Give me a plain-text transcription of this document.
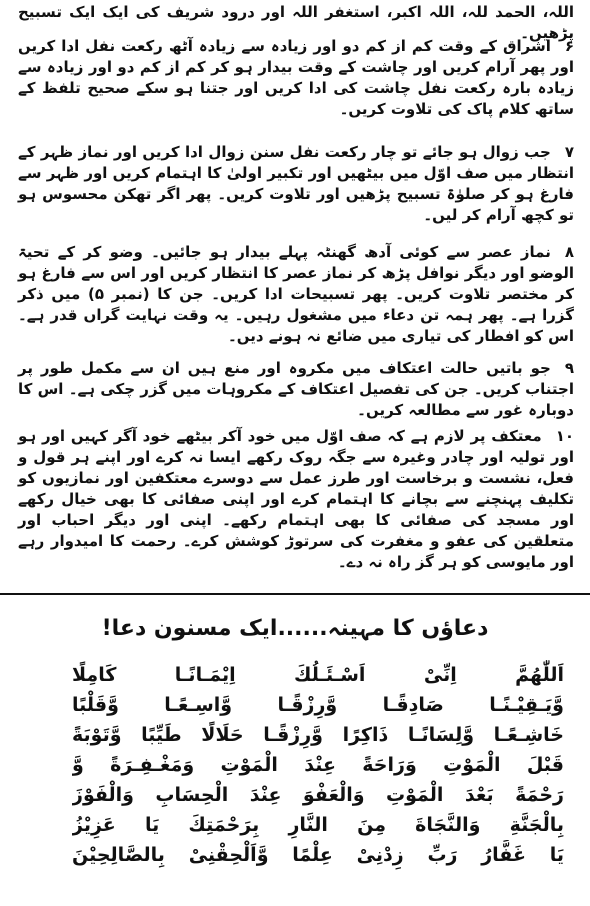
اللہ، الحمد للہ، اللہ اکبر، استغفر اللہ اور درود شریف کی ایک ایک تسبیح پڑھیں۔

۶اشراق کے وقت کم از کم دو اور زیادہ سے زیادہ آٹھ رکعت نفل ادا کریں اور پھر آرام کریں اور چاشت کے وقت بیدار ہو کر کم از کم دو اور زیادہ سے زیادہ بارہ رکعت نفل چاشت کی ادا کریں اور جتنا ہو سکے صحیح تلفظ کے ساتھ کلام پاک کی تلاوت کریں۔

۷جب زوال ہو جائے تو چار رکعت نفل سنن زوال ادا کریں اور نماز ظہر کے انتظار میں صف اوّل میں بیٹھیں اور تکبیر اولیٰ کا اہتمام کریں اور ظہر سے فارغ ہو کر صلوٰۃ تسبیح پڑھیں اور تلاوت کریں۔ پھر اگر تھکن محسوس ہو تو کچھ آرام کر لیں۔

۸نماز عصر سے کوئی آدھ گھنٹہ پہلے بیدار ہو جائیں۔ وضو کر کے تحیۃ الوضو اور دیگر نوافل پڑھ کر نماز عصر کا انتظار کریں اور اس سے فارغ ہو کر مختصر تلاوت کریں۔ پھر تسبیحات ادا کریں۔ جن کا (نمبر ۵) میں ذکر گزرا ہے۔ پھر ہمہ تن دعاء میں مشغول رہیں۔ یہ وقت نہایت گراں قدر ہے۔ اس کو افطار کی تیاری میں ضائع نہ ہونے دیں۔

۹جو باتیں حالت اعتکاف میں مکروہ اور منع ہیں ان سے مکمل طور پر اجتناب کریں۔ جن کی تفصیل اعتکاف کے مکروہات میں گزر چکی ہے۔ اس کا دوبارہ غور سے مطالعہ کریں۔

۱۰معتکف پر لازم ہے کہ صف اوّل میں خود آکر بیٹھے خود آگر کہیں اور ہو اور تولیہ اور چادر وغیرہ سے جگہ روک رکھے ایسا نہ کرے اور اپنے ہر قول و فعل، نشست و برخاست اور طرز عمل سے دوسرے معتکفین اور نمازیوں کو تکلیف پہنچنے سے بچانے کا اہتمام کرے اور اپنی صفائی کا بھی خیال رکھے اور مسجد کی صفائی کا بھی اہتمام رکھے۔ اپنی اور دیگر احباب اور متعلقین کی عفو و مغفرت کی سرتوڑ کوشش کرے۔ رحمت کا امیدوار رہے اور مایوسی کو ہر گز راہ نہ دے۔

دعاؤں کا مہینہ......ایک مسنون دعا!
اَللّٰهُمَّ اِنِّیْ اَسْـئَـلُكَ اِیْمَـانًـا كَامِلًا
وَّیَـقِیْـنًـا صَادِقًـا وَّرِزْقًـا وَّاسِـعًـا وَّقَلْبًا
خَاشِـعًـا وَّلِسَانًـا ذَاكِرًا وَّرِزْقًـا حَلَالًا طَیِّبًا وَّتَوْبَةً
قَبْلَ الْمَوْتِ وَرَاحَةً عِنْدَ الْمَوْتِ وَمَغْـفِـرَةً وَّ
رَحْمَةً بَعْدَ الْمَوْتِ وَالْعَفْوَ عِنْدَ الْحِسَابِ وَالْفَوْزَ
بِالْجَنَّةِ وَالنَّجَاةَ مِنَ النَّارِ بِرَحْمَتِكَ یَا عَزِیْزُ
یَا غَفَّارُ رَبِّ زِدْنِیْ عِلْمًا وَّاَلْحِقْنِیْ بِالصَّالِحِیْنَ
